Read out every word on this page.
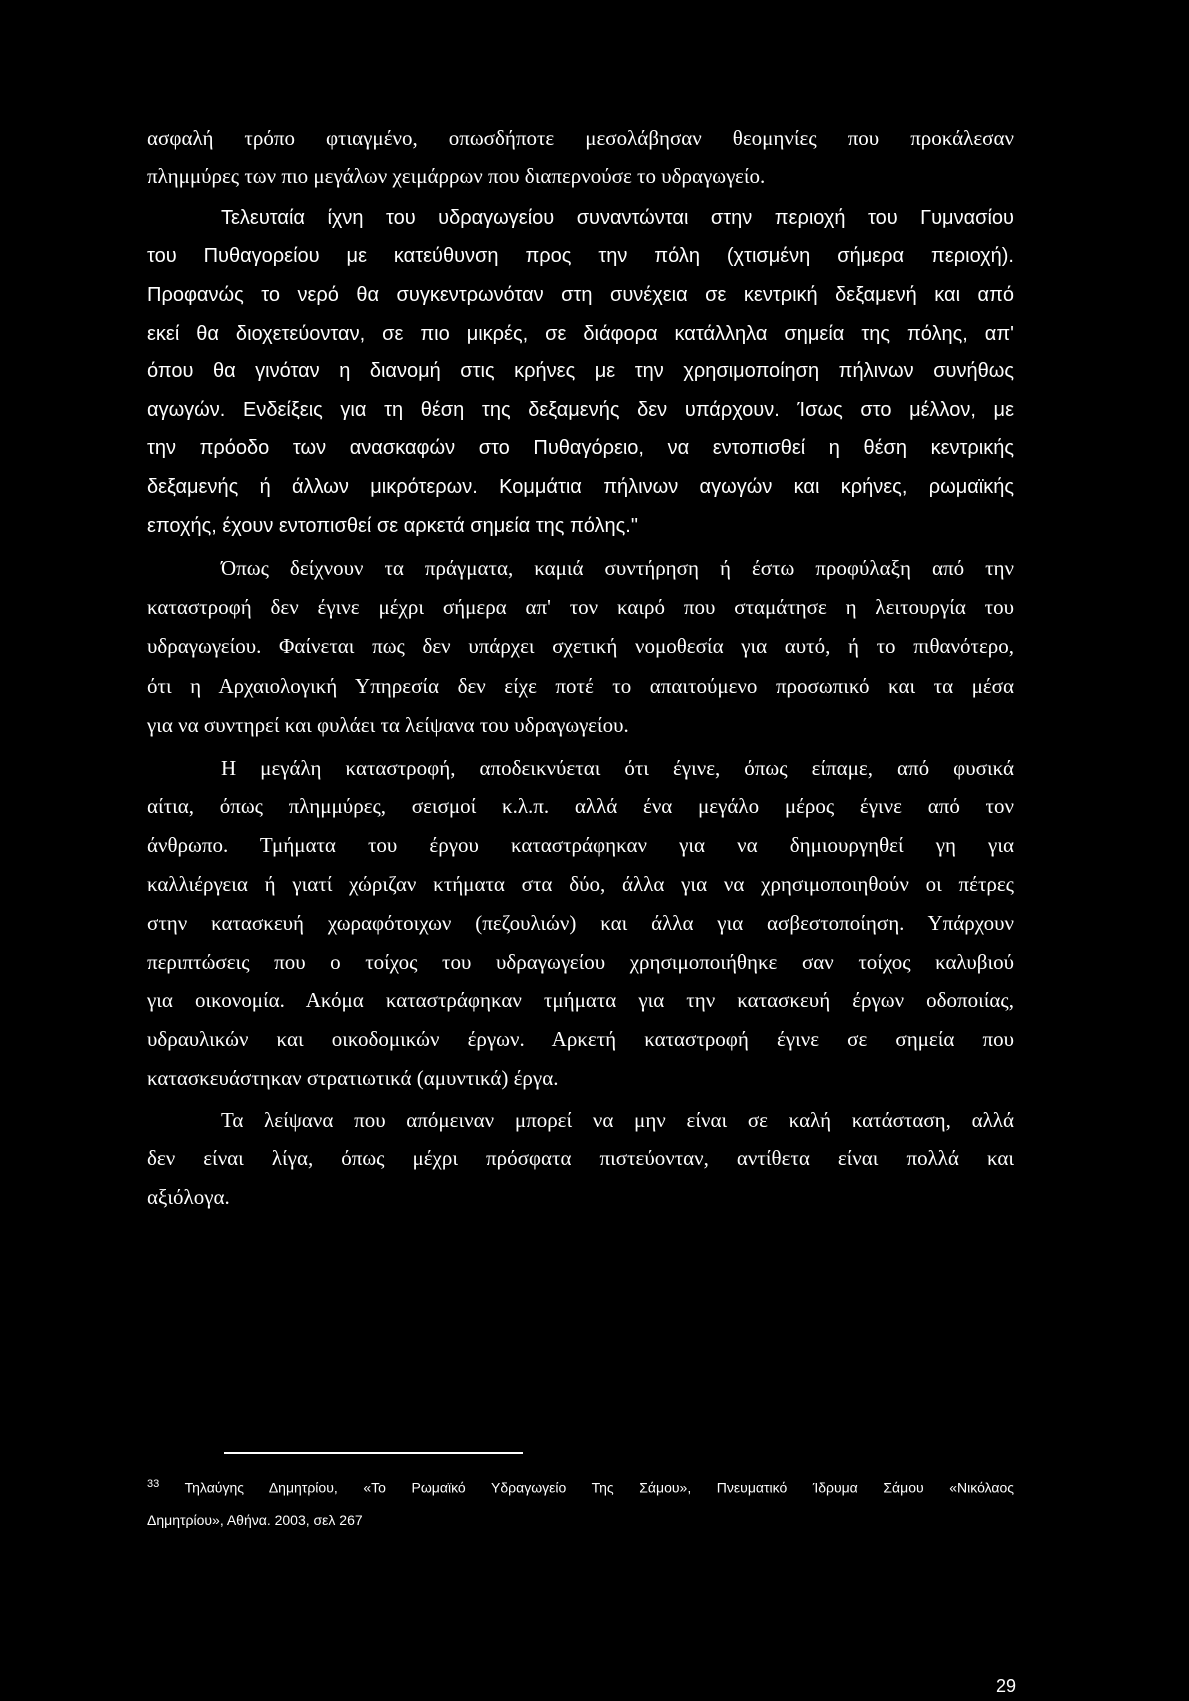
ασφαλή τρόπο φτιαγμένο, οπωσδήποτε μεσολάβησαν θεομηνίες που προκάλεσαν
πλημμύρες των πιο μεγάλων χειμάρρων που διαπερνούσε το υδραγωγείο.
Τελευταία ίχνη του υδραγωγείου συναντώνται στην περιοχή του Γυμνασίου
του Πυθαγορείου με κατεύθυνση προς την πόλη (χτισμένη σήμερα περιοχή).
Προφανώς το νερό θα συγκεντρωνόταν στη συνέχεια σε κεντρική δεξαμενή και από
εκεί θα διοχετεύονταν, σε πιο μικρές, σε διάφορα κατάλληλα σημεία της πόλης, απ'
όπου θα γινόταν η διανομή στις κρήνες με την χρησιμοποίηση πήλινων συνήθως
αγωγών. Ενδείξεις για τη θέση της δεξαμενής δεν υπάρχουν. Ίσως στο μέλλον, με
την πρόοδο των ανασκαφών στο Πυθαγόρειο, να εντοπισθεί η θέση κεντρικής
δεξαμενής ή άλλων μικρότερων. Κομμάτια πήλινων αγωγών και κρήνες, ρωμαϊκής
εποχής, έχουν εντοπισθεί σε αρκετά σημεία της πόλης."
Όπως δείχνουν τα πράγματα, καμιά συντήρηση ή έστω προφύλαξη από την
καταστροφή δεν έγινε μέχρι σήμερα απ' τον καιρό που σταμάτησε η λειτουργία του
υδραγωγείου. Φαίνεται πως δεν υπάρχει σχετική νομοθεσία για αυτό, ή το πιθανότερο,
ότι η Αρχαιολογική Υπηρεσία δεν είχε ποτέ το απαιτούμενο προσωπικό και τα μέσα
για να συντηρεί και φυλάει τα λείψανα του υδραγωγείου.
Η μεγάλη καταστροφή, αποδεικνύεται ότι έγινε, όπως είπαμε, από φυσικά
αίτια, όπως πλημμύρες, σεισμοί κ.λ.π. αλλά ένα μεγάλο μέρος έγινε από τον
άνθρωπο. Τμήματα του έργου καταστράφηκαν για να δημιουργηθεί γη για
καλλιέργεια ή γιατί χώριζαν κτήματα στα δύο, άλλα για να χρησιμοποιηθούν οι πέτρες
στην κατασκευή χωραφότοιχων (πεζουλιών) και άλλα για ασβεστοποίηση. Υπάρχουν
περιπτώσεις που ο τοίχος του υδραγωγείου χρησιμοποιήθηκε σαν τοίχος καλυβιού
για οικονομία. Ακόμα καταστράφηκαν τμήματα για την κατασκευή έργων οδοποιίας,
υδραυλικών και οικοδομικών έργων. Αρκετή καταστροφή έγινε σε σημεία που
κατασκευάστηκαν στρατιωτικά (αμυντικά) έργα.
Τα λείψανα που απόμειναν μπορεί να μην είναι σε καλή κατάσταση, αλλά
δεν είναι λίγα, όπως μέχρι πρόσφατα πιστεύονταν, αντίθετα είναι πολλά και
αξιόλογα.
$^{33}$ Τηλαύγης Δημητρίου, «Το Ρωμαϊκό Υδραγωγείο Της Σάμου», Πνευματικό Ίδρυμα Σάμου «Νικόλαος
Δημητρίου», Αθήνα. 2003, σελ 267
29
